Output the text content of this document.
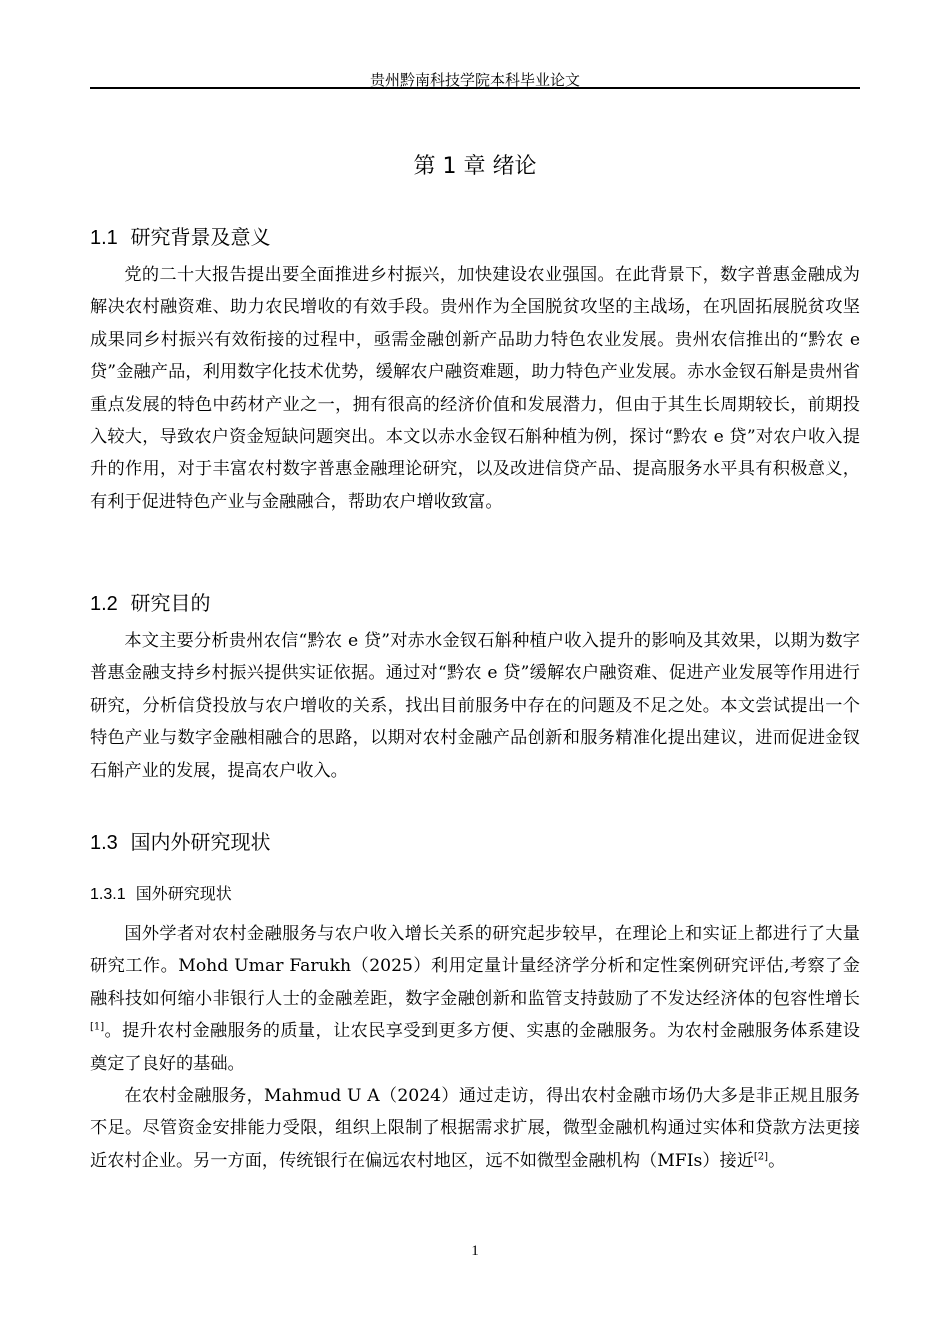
贵州黔南科技学院本科毕业论文
第 1 章 绪论
1.1 研究背景及意义

党的二十大报告提出要全面推进乡村振兴，加快建设农业强国。在此背景下，数字普惠金融成为解决农村融资难、助力农民增收的有效手段。贵州作为全国脱贫攻坚的主战场，在巩固拓展脱贫攻坚成果同乡村振兴有效衔接的过程中，亟需金融创新产品助力特色农业发展。贵州农信推出的“黔农 e 贷”金融产品，利用数字化技术优势，缓解农户融资难题，助力特色产业发展。赤水金钗石斛是贵州省重点发展的特色中药材产业之一，拥有很高的经济价值和发展潜力，但由于其生长周期较长，前期投入较大，导致农户资金短缺问题突出。本文以赤水金钗石斛种植为例，探讨“黔农 e 贷”对农户收入提升的作用，对于丰富农村数字普惠金融理论研究，以及改进信贷产品、提高服务水平具有积极意义，有利于促进特色产业与金融融合，帮助农户增收致富。

1.2 研究目的

本文主要分析贵州农信“黔农 e 贷”对赤水金钗石斛种植户收入提升的影响及其效果，以期为数字普惠金融支持乡村振兴提供实证依据。通过对“黔农 e 贷”缓解农户融资难、促进产业发展等作用进行研究，分析信贷投放与农户增收的关系，找出目前服务中存在的问题及不足之处。本文尝试提出一个特色产业与数字金融相融合的思路，以期对农村金融产品创新和服务精准化提出建议，进而促进金钗石斛产业的发展，提高农户收入。

1.3 国内外研究现状
1.3.1 国外研究现状

国外学者对农村金融服务与农户收入增长关系的研究起步较早，在理论上和实证上都进行了大量研究工作。Mohd Umar Farukh（2025）利用定量计量经济学分析和定性案例研究评估,考察了金融科技如何缩小非银行人士的金融差距，数字金融创新和监管支持鼓励了不发达经济体的包容性增长[1]。提升农村金融服务的质量，让农民享受到更多方便、实惠的金融服务。为农村金融服务体系建设奠定了良好的基础。

在农村金融服务，Mahmud U A（2024）通过走访，得出农村金融市场仍大多是非正规且服务不足。尽管资金安排能力受限，组织上限制了根据需求扩展，微型金融机构通过实体和贷款方法更接近农村企业。另一方面，传统银行在偏远农村地区，远不如微型金融机构（MFIs）接近[2]。

1
